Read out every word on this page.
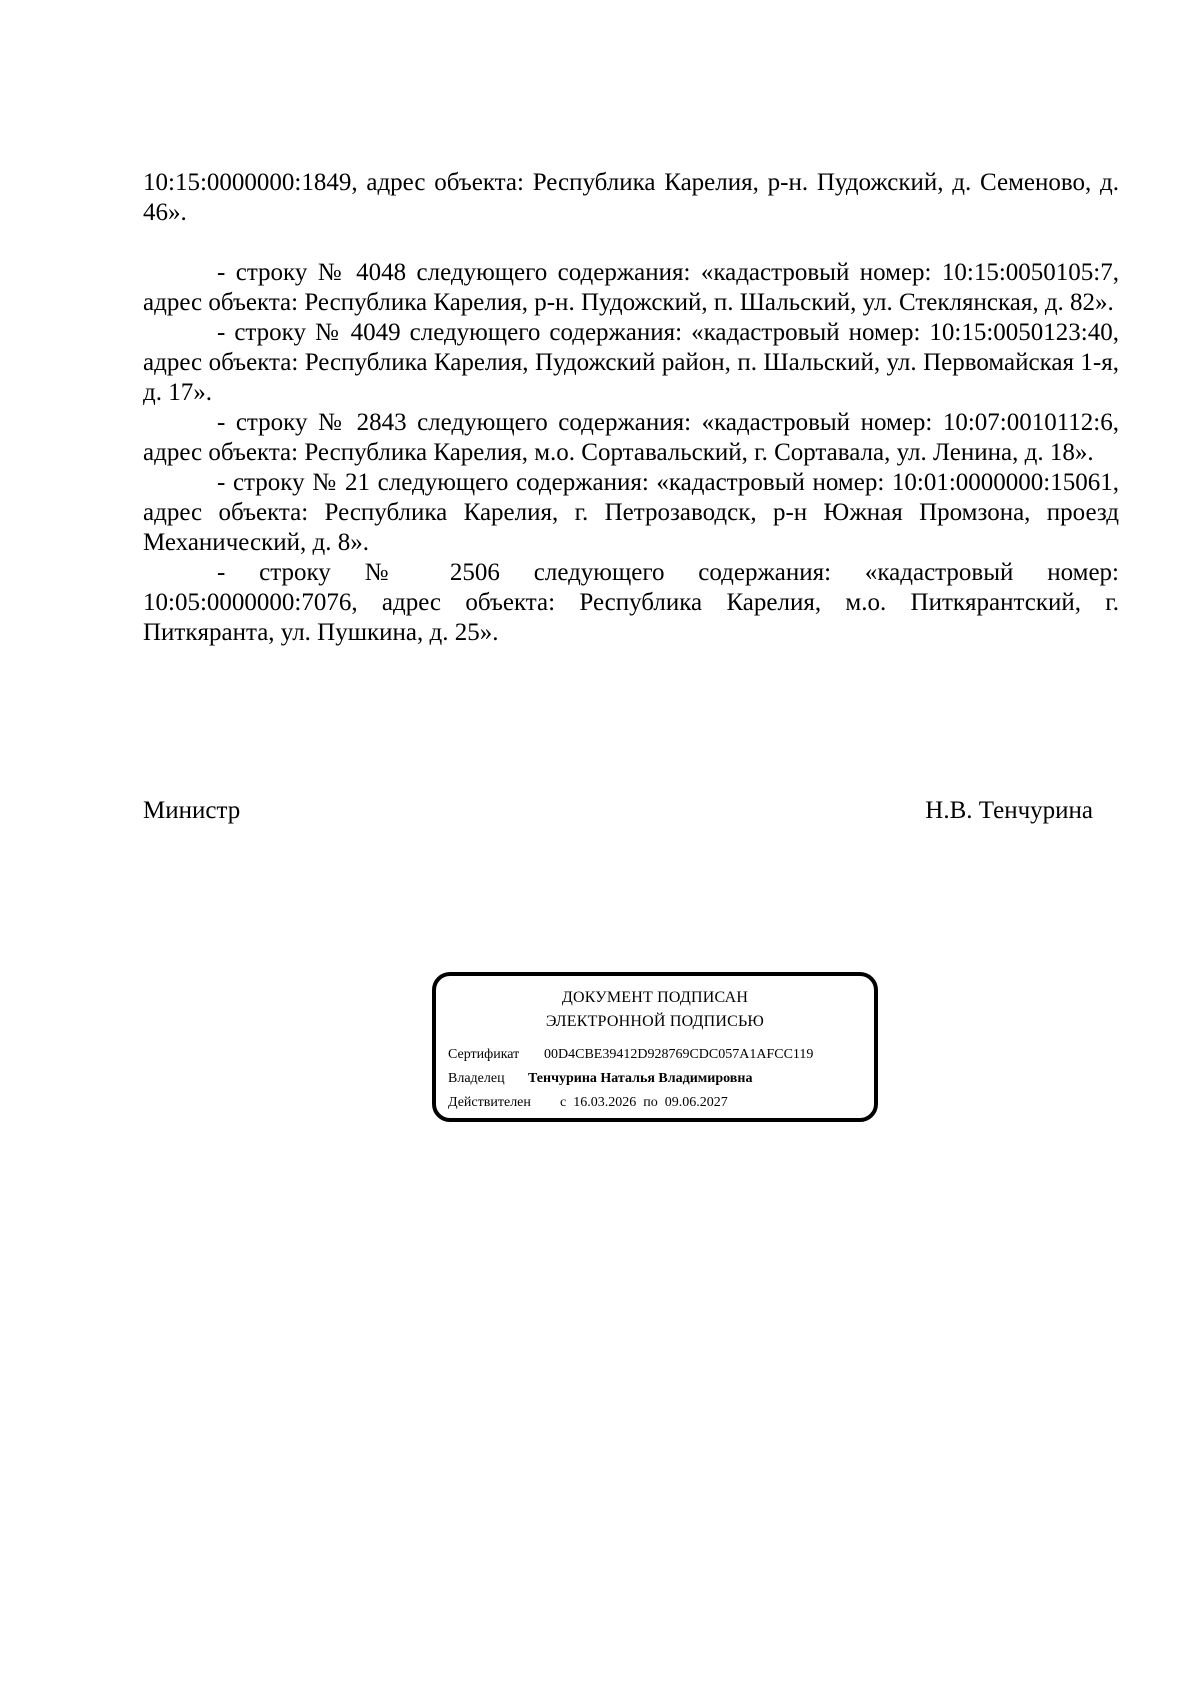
10:15:0000000:1849, адрес объекта: Республика Карелия, р-н. Пудожский, д. Семеново, д. 46».

- строку № 4048 следующего содержания: «кадастровый номер: 10:15:0050105:7, адрес объекта: Республика Карелия, р-н. Пудожский, п. Шальский, ул. Стеклянская, д. 82».

- строку № 4049 следующего содержания: «кадастровый номер: 10:15:0050123:40, адрес объекта: Республика Карелия, Пудожский район, п. Шальский, ул. Первомайская 1-я, д. 17».

- строку № 2843 следующего содержания: «кадастровый номер: 10:07:0010112:6, адрес объекта: Республика Карелия, м.о. Сортавальский, г. Сортавала, ул. Ленина, д. 18».

- строку № 21 следующего содержания: «кадастровый номер: 10:01:0000000:15061, адрес объекта: Республика Карелия, г. Петрозаводск, р-н Южная Промзона, проезд Механический, д. 8».

- строку № 2506 следующего содержания: «кадастровый номер: 10:05:0000000:7076, адрес объекта: Республика Карелия, м.о. Питкярантский, г. Питкяранта, ул. Пушкина, д. 25».

Министр	Н.В. Тенчурина
ДОКУМЕНТ ПОДПИСАН
ЭЛЕКТРОННОЙ ПОДПИСЬЮ
Сертификат 00D4CBE39412D928769CDC057A1AFCC119
Владелец Тенчурина Наталья Владимировна
Действителен с 16.03.2026 по 09.06.2027
